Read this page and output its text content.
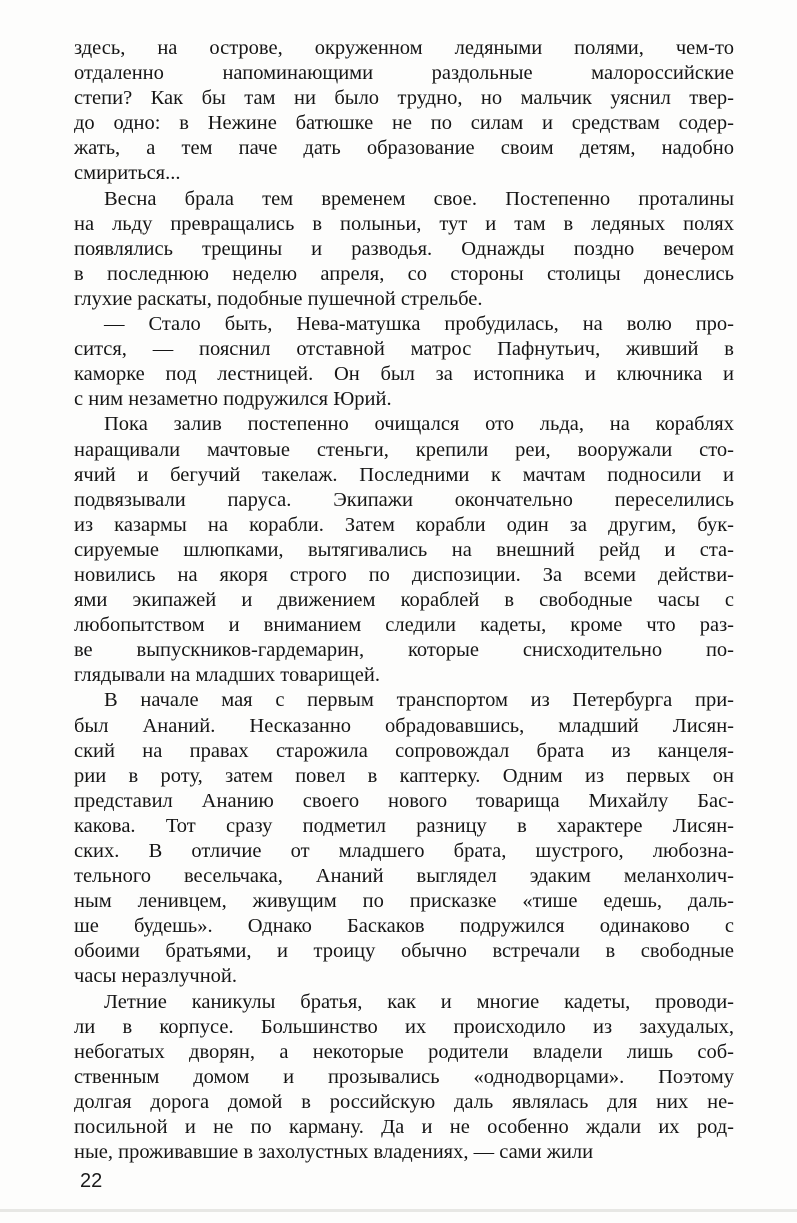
здесь, на острове, окруженном ледяными полями, чем-то
отдаленно напоминающими раздольные малороссийские
степи? Как бы там ни было трудно, но мальчик уяснил твер-
до одно: в Нежине батюшке не по силам и средствам содер-
жать, а тем паче дать образование своим детям, надобно
смириться...
Весна брала тем временем свое. Постепенно проталины
на льду превращались в полыньи, тут и там в ледяных полях
появлялись трещины и разводья. Однажды поздно вечером
в последнюю неделю апреля, со стороны столицы донеслись
глухие раскаты, подобные пушечной стрельбе.
— Стало быть, Нева-матушка пробудилась, на волю про-
сится, — пояснил отставной матрос Пафнутьич, живший в
каморке под лестницей. Он был за истопника и ключника и
с ним незаметно подружился Юрий.
Пока залив постепенно очищался ото льда, на кораблях
наращивали мачтовые стеньги, крепили реи, вооружали сто-
ячий и бегучий такелаж. Последними к мачтам подносили и
подвязывали паруса. Экипажи окончательно переселились
из казармы на корабли. Затем корабли один за другим, бук-
сируемые шлюпками, вытягивались на внешний рейд и ста-
новились на якоря строго по диспозиции. За всеми действи-
ями экипажей и движением кораблей в свободные часы с
любопытством и вниманием следили кадеты, кроме что раз-
ве выпускников-гардемарин, которые снисходительно по-
глядывали на младших товарищей.
В начале мая с первым транспортом из Петербурга при-
был Ананий. Несказанно обрадовавшись, младший Лисян-
ский на правах старожила сопровождал брата из канцеля-
рии в роту, затем повел в каптерку. Одним из первых он
представил Ананию своего нового товарища Михайлу Бас-
какова. Тот сразу подметил разницу в характере Лисян-
ских. В отличие от младшего брата, шустрого, любозна-
тельного весельчака, Ананий выглядел эдаким меланхолич-
ным ленивцем, живущим по присказке «тише едешь, даль-
ше будешь». Однако Баскаков подружился одинаково с
обоими братьями, и троицу обычно встречали в свободные
часы неразлучной.
Летние каникулы братья, как и многие кадеты, проводи-
ли в корпусе. Большинство их происходило из захудалых,
небогатых дворян, а некоторые родители владели лишь соб-
ственным домом и прозывались «однодворцами». Поэтому
долгая дорога домой в российскую даль являлась для них не-
посильной и не по карману. Да и не особенно ждали их род-
ные, проживавшие в захолустных владениях, — сами жили
22
